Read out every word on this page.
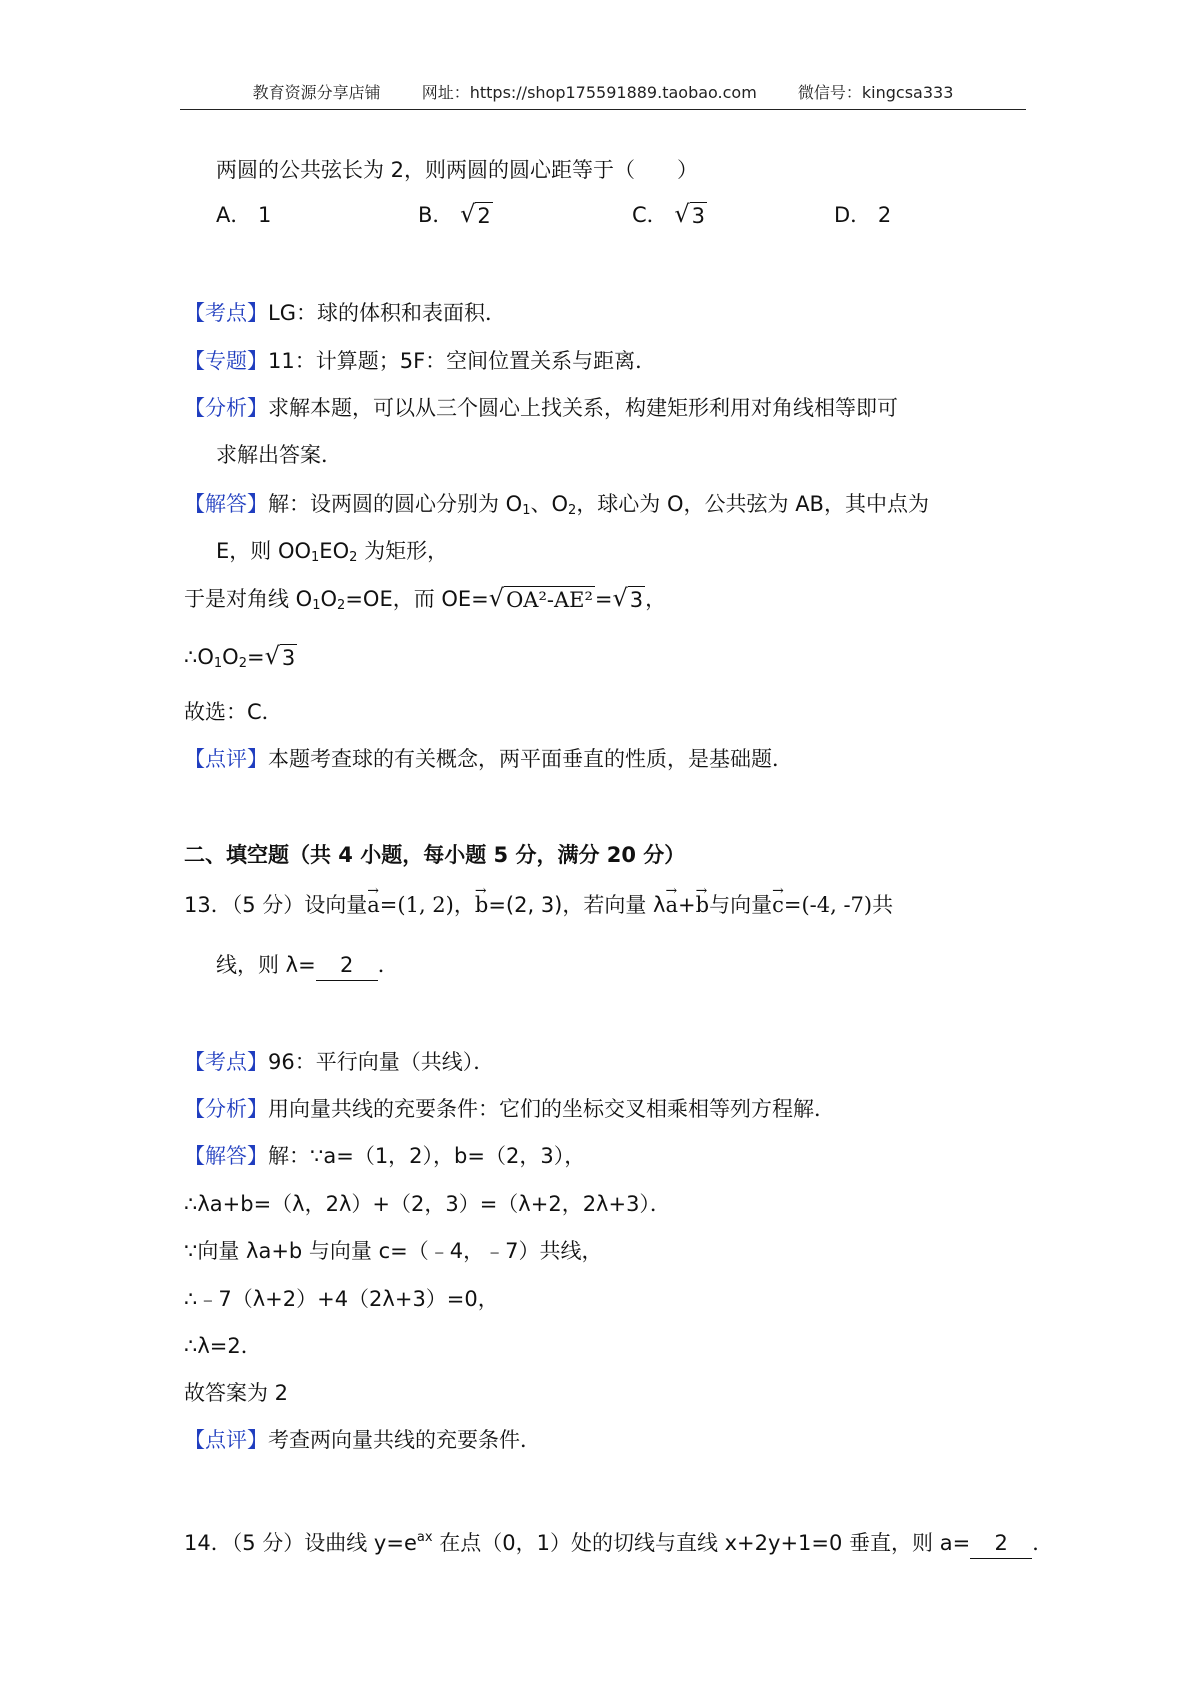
教育资源分享店铺	网址：https://shop175591889.taobao.com	微信号：kingcsa333
两圆的公共弦长为 2，则两圆的圆心距等于（　　）
A． 1	B． √ 2	C． √ 3	D． 2
【考点】LG：球的体积和表面积．
【专题】11：计算题；5F：空间位置关系与距离．
【分析】求解本题，可以从三个圆心上找关系，构建矩形利用对角线相等即可
求解出答案．
【解答】解：设两圆的圆心分别为 $O_1$、$O_2$，球心为 O，公共弦为 AB，其中点为
E，则 $OO_1EO_2$ 为矩形，
于是对角线 $O_1O_2=OE$，而 OE= √ OA²-AE² = √ 3 ，
$\therefore O_1O_2=$ √ 3
故选：C．
【点评】本题考查球的有关概念，两平面垂直的性质，是基础题．
二、填空题（共 4 小题，每小题 5 分，满分 20 分）
13．（5 分）设向量→ a=(1, 2)，→ b=(2, 3)，若向量 λ→ a+→ b与向量→ c=(-4, -7)共
线，则 λ= 2 ．
【考点】96：平行向量（共线）．
【分析】用向量共线的充要条件：它们的坐标交叉相乘相等列方程解．
【解答】解：∵a=（1，2），b=（2，3），
∴λa+b=（λ，2λ）+（2，3）=（λ+2，2λ+3）．
∵向量 λa+b 与向量 c=（﹣4，﹣7）共线，
∴﹣7（λ+2）+4（2λ+3）=0，
∴λ=2．
故答案为 2
【点评】考查两向量共线的充要条件．
14．（5 分）设曲线 $y=e^{ax}$ 在点（0，1）处的切线与直线 x+2y+1=0 垂直，则 a= 2 ．
